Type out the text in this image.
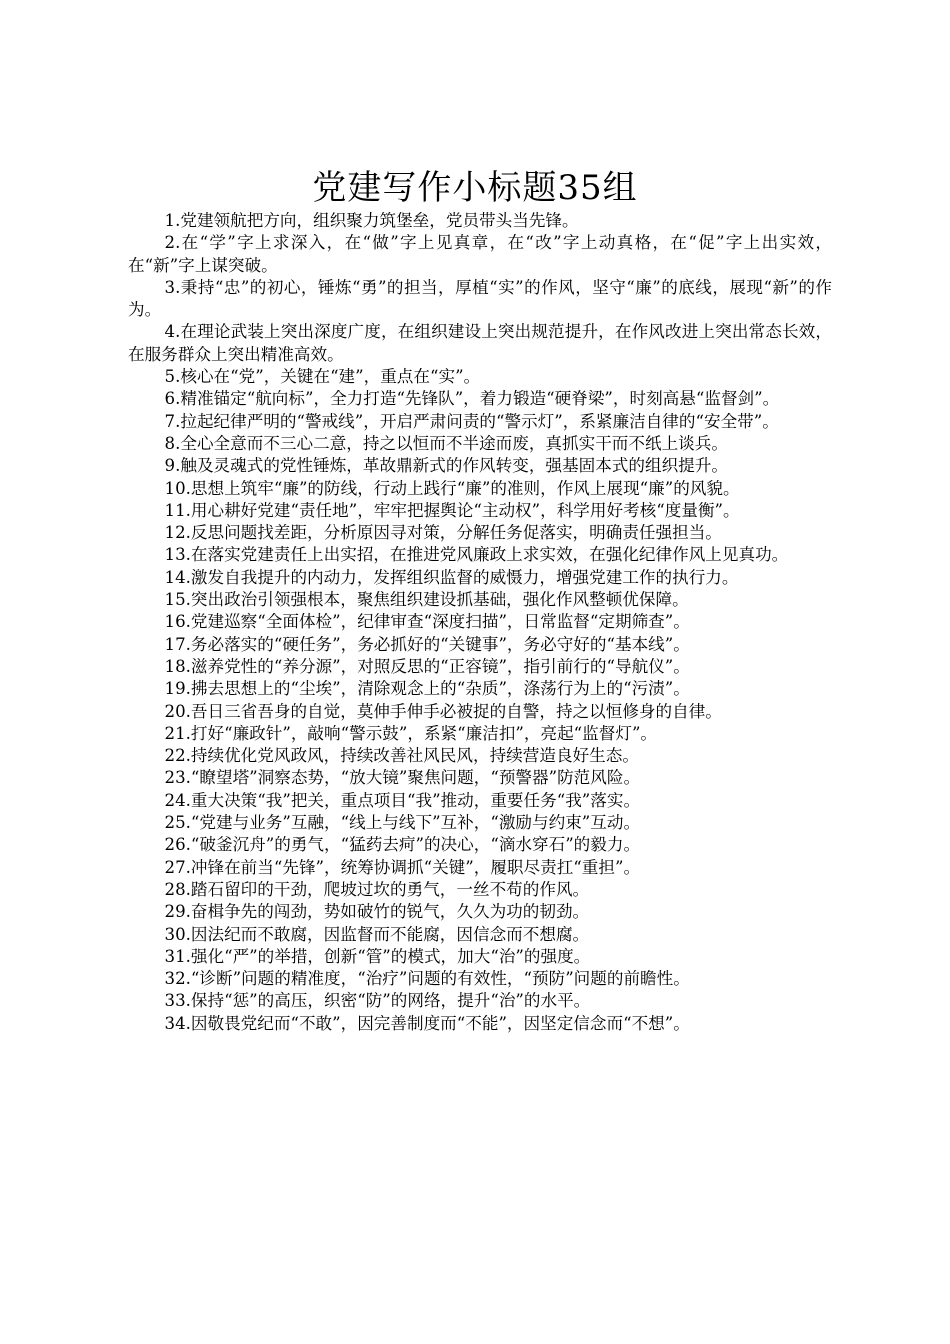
党建写作小标题35组

1.党建领航把方向，组织聚力筑堡垒，党员带头当先锋。

2.在“学”字上求深入，在“做”字上见真章，在“改”字上动真格，在“促”字上出实效，在“新”字上谋突破。

3.秉持“忠”的初心，锤炼“勇”的担当，厚植“实”的作风，坚守“廉”的底线，展现“新”的作为。

4.在理论武装上突出深度广度，在组织建设上突出规范提升，在作风改进上突出常态长效，在服务群众上突出精准高效。

5.核心在“党”，关键在“建”，重点在“实”。

6.精准锚定“航向标”，全力打造“先锋队”，着力锻造“硬脊梁”，时刻高悬“监督剑”。

7.拉起纪律严明的“警戒线”，开启严肃问责的“警示灯”，系紧廉洁自律的“安全带”。

8.全心全意而不三心二意，持之以恒而不半途而废，真抓实干而不纸上谈兵。

9.触及灵魂式的党性锤炼，革故鼎新式的作风转变，强基固本式的组织提升。

10.思想上筑牢“廉”的防线，行动上践行“廉”的准则，作风上展现“廉”的风貌。

11.用心耕好党建“责任地”，牢牢把握舆论“主动权”，科学用好考核“度量衡”。

12.反思问题找差距，分析原因寻对策，分解任务促落实，明确责任强担当。

13.在落实党建责任上出实招，在推进党风廉政上求实效，在强化纪律作风上见真功。

14.激发自我提升的内动力，发挥组织监督的威慑力，增强党建工作的执行力。

15.突出政治引领强根本，聚焦组织建设抓基础，强化作风整顿优保障。

16.党建巡察“全面体检”，纪律审查“深度扫描”，日常监督“定期筛查”。

17.务必落实的“硬任务”，务必抓好的“关键事”，务必守好的“基本线”。

18.滋养党性的“养分源”，对照反思的“正容镜”，指引前行的“导航仪”。

19.拂去思想上的“尘埃”，清除观念上的“杂质”，涤荡行为上的“污渍”。

20.吾日三省吾身的自觉，莫伸手伸手必被捉的自警，持之以恒修身的自律。

21.打好“廉政针”，敲响“警示鼓”，系紧“廉洁扣”，亮起“监督灯”。

22.持续优化党风政风，持续改善社风民风，持续营造良好生态。

23.“瞭望塔”洞察态势，“放大镜”聚焦问题，“预警器”防范风险。

24.重大决策“我”把关，重点项目“我”推动，重要任务“我”落实。

25.“党建与业务”互融，“线上与线下”互补，“激励与约束”互动。

26.“破釜沉舟”的勇气，“猛药去疴”的决心，“滴水穿石”的毅力。

27.冲锋在前当“先锋”，统筹协调抓“关键”，履职尽责扛“重担”。

28.踏石留印的干劲，爬坡过坎的勇气，一丝不苟的作风。

29.奋楫争先的闯劲，势如破竹的锐气，久久为功的韧劲。

30.因法纪而不敢腐，因监督而不能腐，因信念而不想腐。

31.强化“严”的举措，创新“管”的模式，加大“治”的强度。

32.“诊断”问题的精准度，“治疗”问题的有效性，“预防”问题的前瞻性。

33.保持“惩”的高压，织密“防”的网络，提升“治”的水平。

34.因敬畏党纪而“不敢”，因完善制度而“不能”，因坚定信念而“不想”。
